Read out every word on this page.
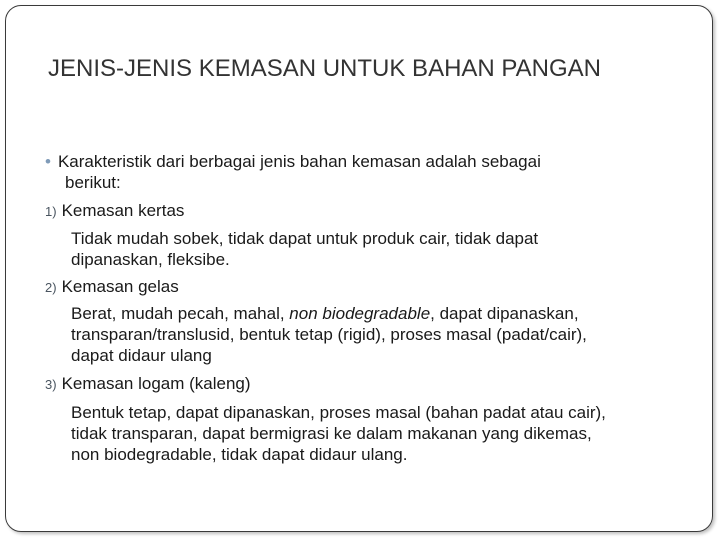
JENIS-JENIS KEMASAN UNTUK BAHAN PANGAN

• Karakteristik dari berbagai jenis bahan kemasan adalah sebagai

berikut:

1) Kemasan kertas

Tidak mudah sobek, tidak dapat untuk produk cair, tidak dapat

dipanaskan, fleksibe.

2) Kemasan gelas

Berat, mudah pecah, mahal, non biodegradable, dapat dipanaskan,

transparan/translusid, bentuk tetap (rigid), proses masal (padat/cair),

dapat didaur ulang

3) Kemasan logam (kaleng)

Bentuk tetap, dapat dipanaskan, proses masal (bahan padat atau cair),

tidak transparan, dapat bermigrasi ke dalam makanan yang dikemas,

non biodegradable, tidak dapat didaur ulang.
